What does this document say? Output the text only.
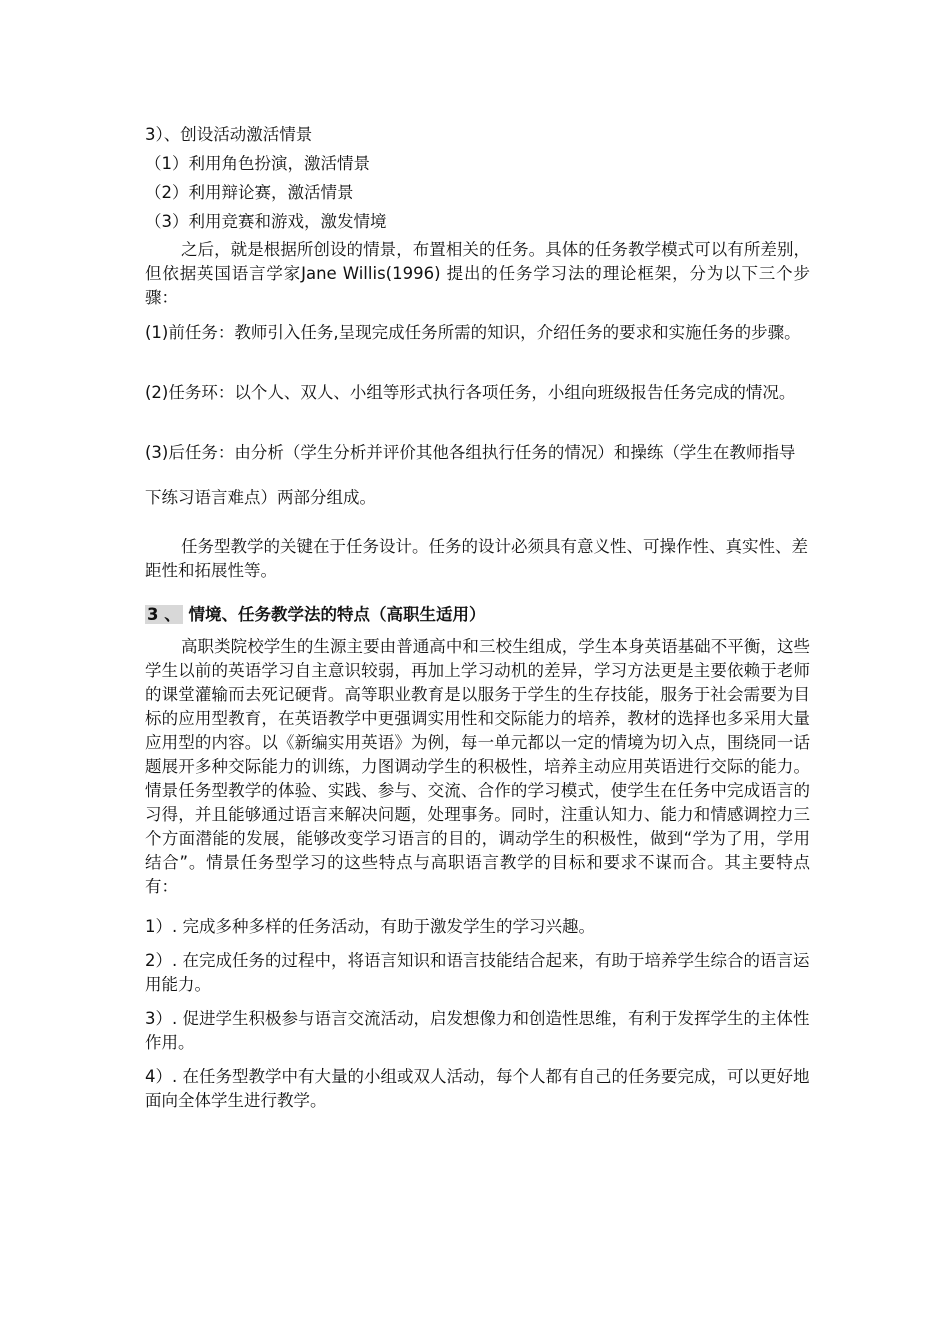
3）、创设活动激活情景

（1）利用角色扮演，激活情景

（2）利用辩论赛，激活情景

（3）利用竞赛和游戏，激发情境

之后，就是根据所创设的情景，布置相关的任务。具体的任务教学模式可以有所差别，但依据英国语言学家Jane Willis(1996) 提出的任务学习法的理论框架，分为以下三个步骤：

(1)前任务：教师引入任务,呈现完成任务所需的知识，介绍任务的要求和实施任务的步骤。

(2)任务环：以个人、双人、小组等形式执行各项任务，小组向班级报告任务完成的情况。

(3)后任务：由分析（学生分析并评价其他各组执行任务的情况）和操练（学生在教师指导下练习语言难点）两部分组成。

任务型教学的关键在于任务设计。任务的设计必须具有意义性、可操作性、真实性、差距性和拓展性等。

3 、 情境、任务教学法的特点（高职生适用）

高职类院校学生的生源主要由普通高中和三校生组成，学生本身英语基础不平衡，这些学生以前的英语学习自主意识较弱，再加上学习动机的差异，学习方法更是主要依赖于老师的课堂灌输而去死记硬背。高等职业教育是以服务于学生的生存技能，服务于社会需要为目标的应用型教育，在英语教学中更强调实用性和交际能力的培养，教材的选择也多采用大量应用型的内容。以《新编实用英语》为例，每一单元都以一定的情境为切入点，围绕同一话题展开多种交际能力的训练，力图调动学生的积极性，培养主动应用英语进行交际的能力。情景任务型教学的体验、实践、参与、交流、合作的学习模式，使学生在任务中完成语言的习得，并且能够通过语言来解决问题，处理事务。同时，注重认知力、能力和情感调控力三个方面潜能的发展，能够改变学习语言的目的，调动学生的积极性，做到“学为了用，学用结合”。情景任务型学习的这些特点与高职语言教学的目标和要求不谋而合。其主要特点有：

1）. 完成多种多样的任务活动，有助于激发学生的学习兴趣。

2）. 在完成任务的过程中，将语言知识和语言技能结合起来，有助于培养学生综合的语言运用能力。

3）. 促进学生积极参与语言交流活动，启发想像力和创造性思维，有利于发挥学生的主体性作用。

4）. 在任务型教学中有大量的小组或双人活动，每个人都有自己的任务要完成，可以更好地面向全体学生进行教学。
